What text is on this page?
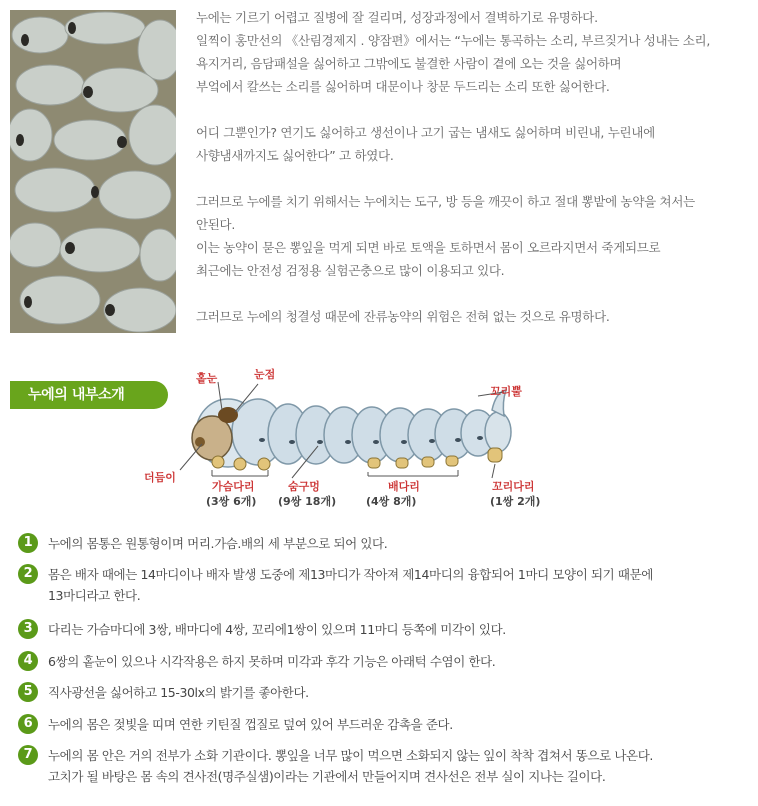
누에는 기르기 어렵고 질병에 잘 걸리며, 성장과정에서 결벽하기로 유명하다.
일찍이 홍만선의 《산림경제지 . 양잠편》에서는 “누에는 통곡하는 소리, 부르짖거나 성내는 소리,
욕지거리, 음담패설을 싫어하고 그밖에도 불결한 사람이 곁에 오는 것을 싫어하며
부엌에서 칼쓰는 소리를 싫어하며 대문이나 창문 두드리는 소리 또한 싫어한다.

어디 그뿐인가? 연기도 싫어하고 생선이나 고기 굽는 냄새도 싫어하며 비린내, 누린내에
사향냄새까지도 싫어한다” 고 하였다.

그러므로 누에를 치기 위해서는 누에치는 도구, 방 등을 깨끗이 하고 절대 뽕밭에 농약을 쳐서는
안된다.
이는 농약이 묻은 뽕잎을 먹게 되면 바로 토액을 토하면서 몸이 오르라지면서 죽게되므로
최근에는 안전성 검정용 실험곤충으로 많이 이용되고 있다.

그러므로 누에의 청결성 때문에 잔류농약의 위험은 전혀 없는 것으로 유명하다.

누에의 내부소개
홑눈	눈점
꼬리뿔
더듬이
가슴다리
(3쌍 6개)
숨구멍
(9쌍 18개)
배다리
(4쌍 8개)
꼬리다리
(1쌍 2개)
1	누에의 몸통은 원통형이며 머리.가슴.배의 세 부분으로 되어 있다.
2	몸은 배자 때에는 14마디이나 배자 발생 도중에 제13마디가 작아져 제14마디의 융합되어 1마디 모양이 되기 때문에
13마디라고 한다.
3	다리는 가슴마디에 3쌍, 배마디에 4쌍, 꼬리에1쌍이 있으며 11마디 등쪽에 미각이 있다.
4	6쌍의 홑눈이 있으나 시각작용은 하지 못하며 미각과 후각 기능은 아래턱 수염이 한다.
5	직사광선을 싫어하고 15-30lx의 밝기를 좋아한다.
6	누에의 몸은 젖빛을 띠며 연한 키틴질 껍질로 덮여 있어 부드러운 감촉을 준다.
7	누에의 몸 안은 거의 전부가 소화 기관이다. 뽕잎을 너무 많이 먹으면 소화되지 않는 잎이 착착 겹쳐서 똥으로 나온다.
고치가 될 바탕은 몸 속의 견사전(명주실샘)이라는 기관에서 만들어지며 견사선은 전부 실이 지나는 길이다.
